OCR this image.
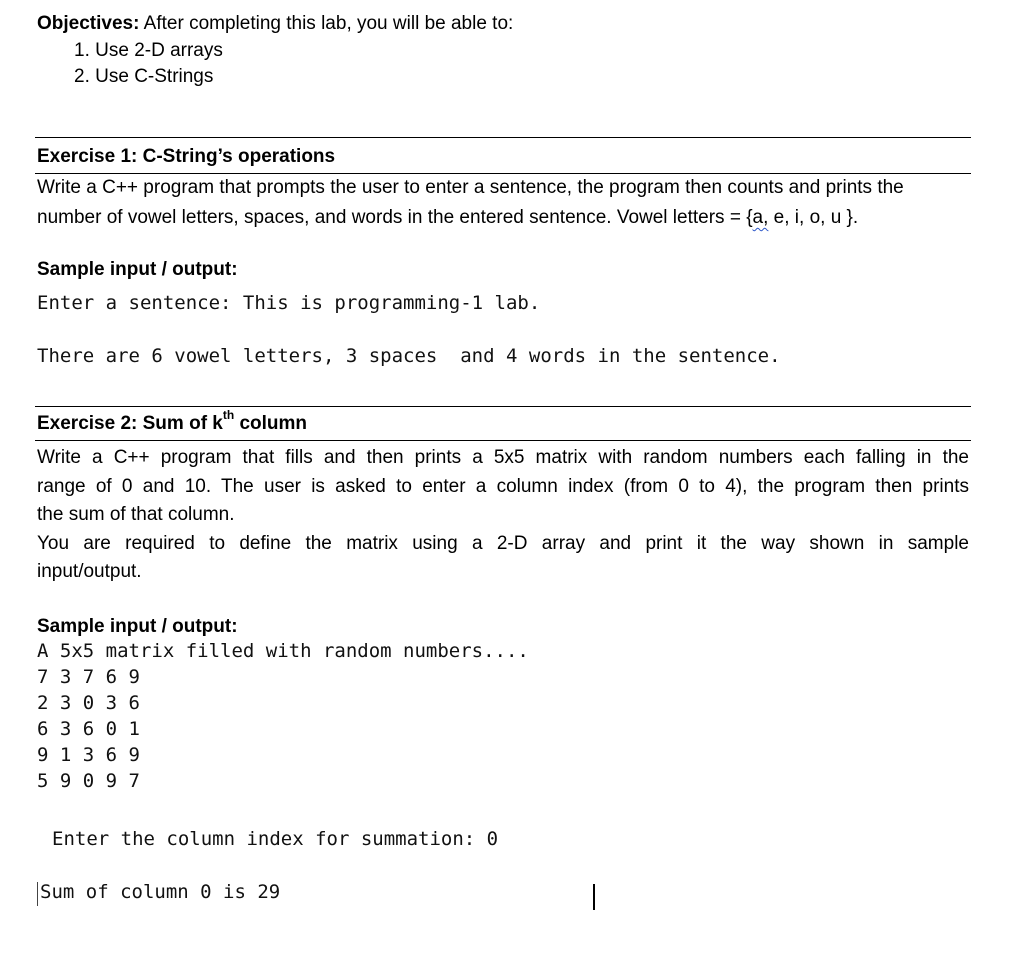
Objectives: After completing this lab, you will be able to:
1. Use 2-D arrays
2. Use C-Strings
Exercise 1: C-String’s operations
Write a C++ program that prompts the user to enter a sentence, the program then counts and prints the
number of vowel letters, spaces, and words in the entered sentence. Vowel letters = {a, e, i, o, u }.
Sample input / output:
Enter a sentence: This is programming-1 lab.
There are 6 vowel letters, 3 spaces  and 4 words in the sentence.
Exercise 2: Sum of $k^{th}$ column
Write a C++ program that fills and then prints a 5x5 matrix with random numbers each falling in the
range of 0 and 10. The user is asked to enter a column index (from 0 to 4), the program then prints
the sum of that column.
You are required to define the matrix using a 2-D array and print it the way shown in sample
input/output.
Sample input / output:
A 5x5 matrix filled with random numbers....
7 3 7 6 9
2 3 0 3 6
6 3 6 0 1
9 1 3 6 9
5 9 0 9 7
Enter the column index for summation: 0
Sum of column 0 is 29
